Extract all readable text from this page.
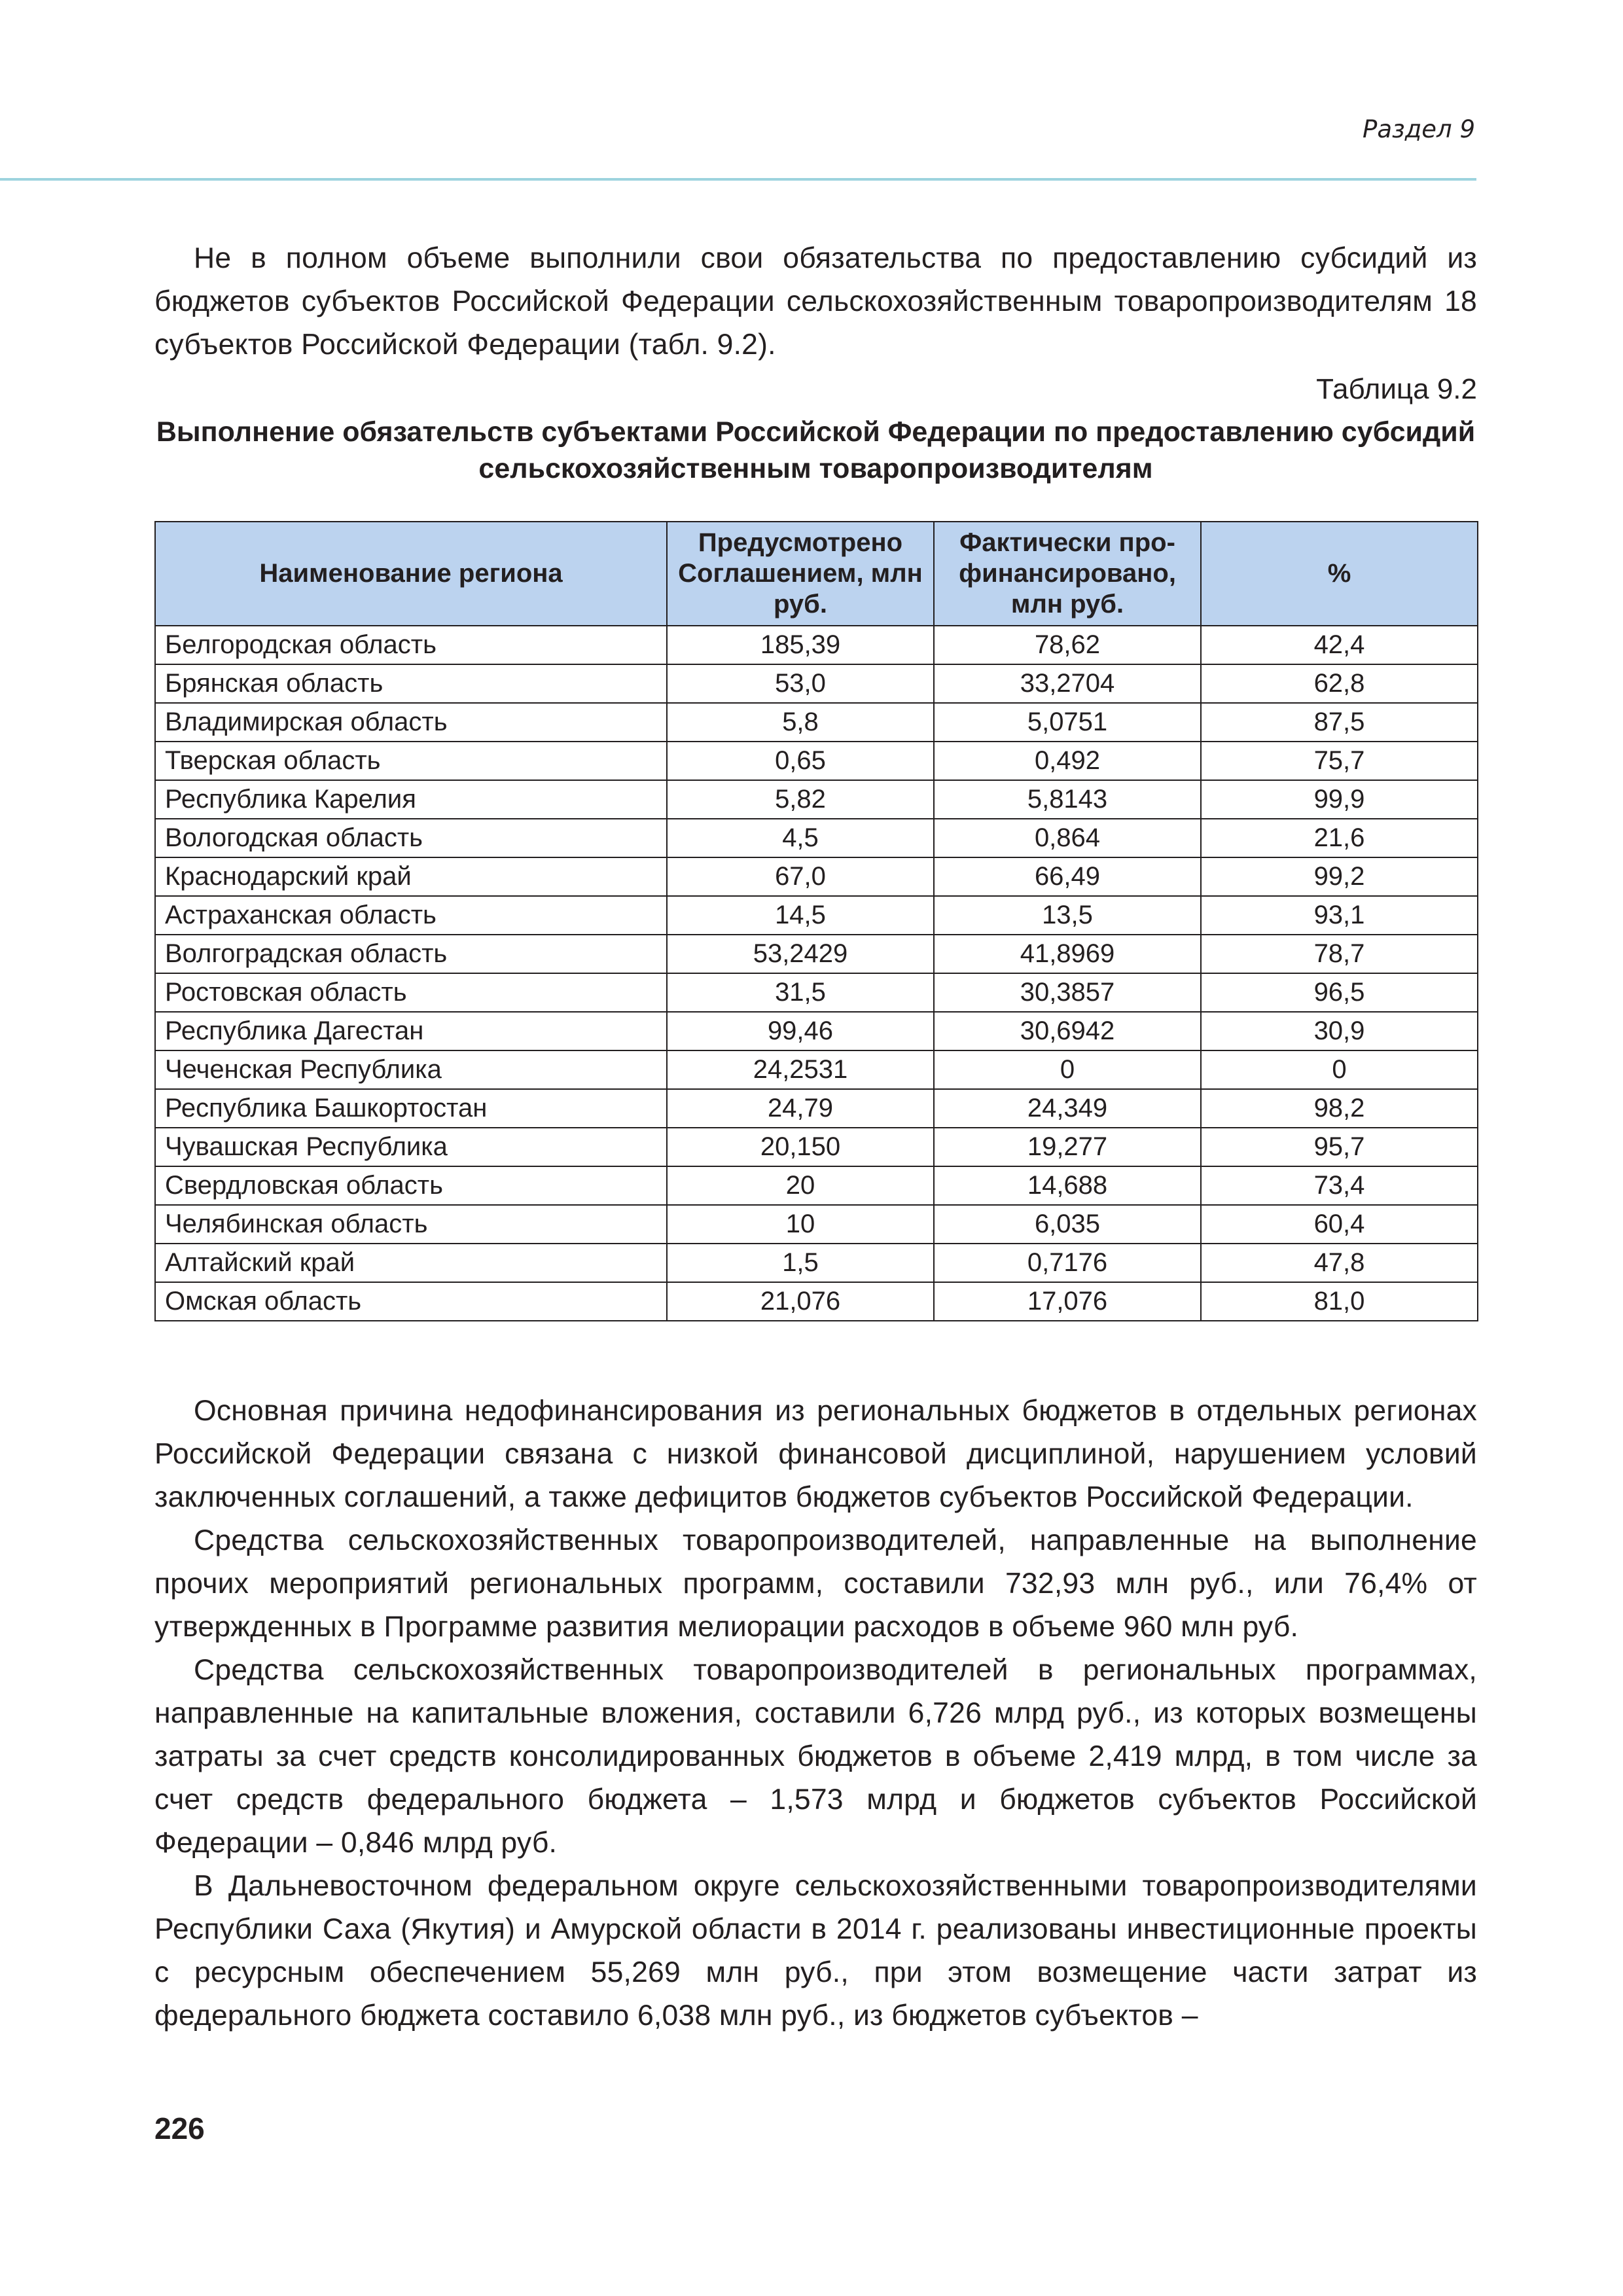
Раздел 9

Не в полном объеме выполнили свои обязательства по предоставлению субсидий из бюджетов субъектов Российской Федерации сельскохозяйственным товаропроизводителям 18 субъектов Российской Федерации (табл. 9.2).

Таблица 9.2
Выполнение обязательств субъектами Российской Федерации по предоставлению субсидий сельскохозяйственным товаропроизводителям
Наименование региона	Предусмотрено Соглашением, млн руб.	Фактически профинансировано, млн руб.	%
Белгородская область	185,39	78,62	42,4
Брянская область	53,0	33,2704	62,8
Владимирская область	5,8	5,0751	87,5
Тверская область	0,65	0,492	75,7
Республика Карелия	5,82	5,8143	99,9
Вологодская область	4,5	0,864	21,6
Краснодарский край	67,0	66,49	99,2
Астраханская область	14,5	13,5	93,1
Волгоградская область	53,2429	41,8969	78,7
Ростовская область	31,5	30,3857	96,5
Республика Дагестан	99,46	30,6942	30,9
Чеченская Республика	24,2531	0	0
Республика Башкортостан	24,79	24,349	98,2
Чувашская Республика	20,150	19,277	95,7
Свердловская область	20	14,688	73,4
Челябинская область	10	6,035	60,4
Алтайский край	1,5	0,7176	47,8
Омская область	21,076	17,076	81,0

Основная причина недофинансирования из региональных бюджетов в отдельных регионах Российской Федерации связана с низкой финансовой дисциплиной, нарушением условий заключенных соглашений, а также дефицитов бюджетов субъектов Российской Федерации.

Средства сельскохозяйственных товаропроизводителей, направленные на выполнение прочих мероприятий региональных программ, составили 732,93 млн руб., или 76,4% от утвержденных в Программе развития мелиорации расходов в объеме 960 млн руб.

Средства сельскохозяйственных товаропроизводителей в региональных программах, направленные на капитальные вложения, составили 6,726 млрд руб., из которых возмещены затраты за счет средств консолидированных бюджетов в объеме 2,419 млрд, в том числе за счет средств федерального бюджета – 1,573 млрд и бюджетов субъектов Российской Федерации – 0,846 млрд руб.

В Дальневосточном федеральном округе сельскохозяйственными товаропроизводителями Республики Саха (Якутия) и Амурской области в 2014 г. реализованы инвестиционные проекты с ресурсным обеспечением 55,269 млн руб., при этом возмещение части затрат из федерального бюджета составило 6,038 млн руб., из бюджетов субъектов –

226
